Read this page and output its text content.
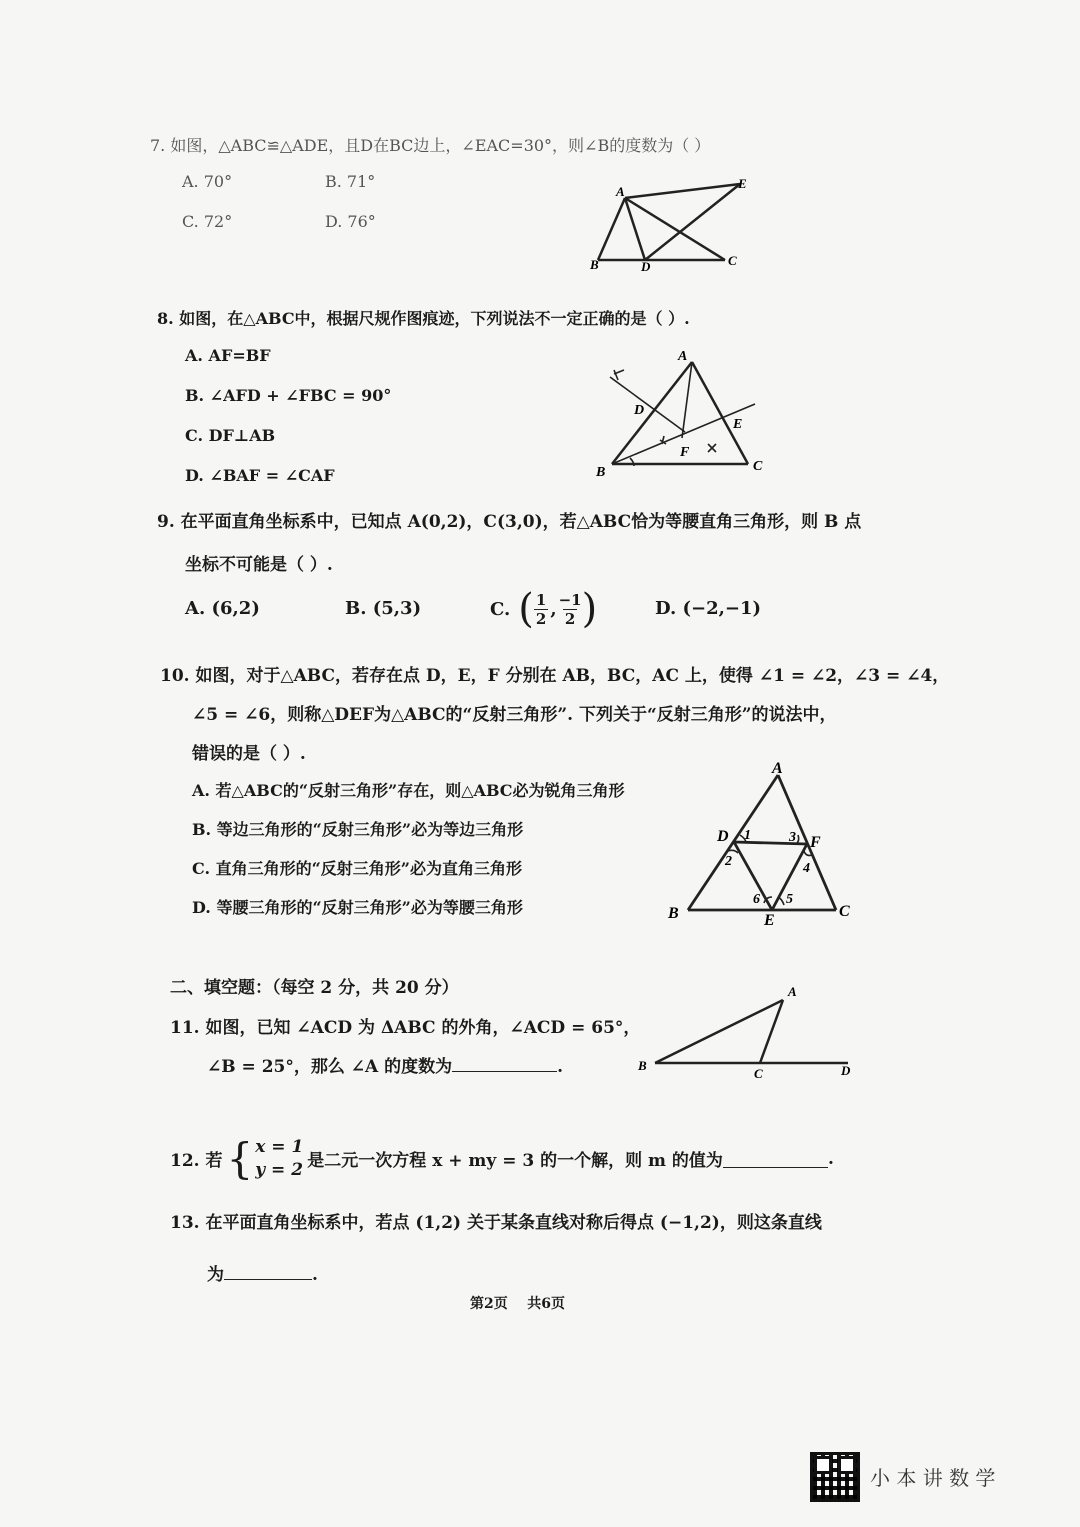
7. 如图，△ABC≌△ADE，且D在BC边上，∠EAC=30°，则∠B的度数为（ ）
A. 70°	B. 71°
C. 72°	D. 76°
A
E
B	D	C
8. 如图，在△ABC中，根据尺规作图痕迹，下列说法不一定正确的是（ ）.
A. AF=BF
B. ∠AFD + ∠FBC = 90°
C. DF⊥AB
D. ∠BAF = ∠CAF
A
D
E
F
B	C
9. 在平面直角坐标系中，已知点 A(0,2)，C(3,0)，若△ABC恰为等腰直角三角形，则 B 点
坐标不可能是（ ）.
A. (6,2)	B. (5,3)	C. ( 1
2 , −1
2 )	D. (−2,−1)
10. 如图，对于△ABC，若存在点 D，E，F 分别在 AB，BC，AC 上，使得 ∠1 = ∠2，∠3 = ∠4，
∠5 = ∠6，则称△DEF为△ABC的“反射三角形”. 下列关于“反射三角形”的说法中，
错误的是（ ）.
A. 若△ABC的“反射三角形”存在，则△ABC必为锐角三角形
B. 等边三角形的“反射三角形”必为等边三角形
C. 直角三角形的“反射三角形”必为直角三角形
D. 等腰三角形的“反射三角形”必为等腰三角形
A
B	C
D
E
F
1
2
3
4
5
6
二、填空题：（每空 2 分，共 20 分）
11. 如图，已知 ∠ACD 为 ΔABC 的外角，∠ACD = 65°，
∠B = 25°，那么 ∠A 的度数为	.
A
B
C	D
12. 若 { x = 1
y = 2 是二元一次方程 x + my = 3 的一个解，则 m 的值为	.
13. 在平面直角坐标系中，若点 (1,2) 关于某条直线对称后得点 (−1,2)，则这条直线
为	.
第2页    共6页
小 本 讲 数 学
